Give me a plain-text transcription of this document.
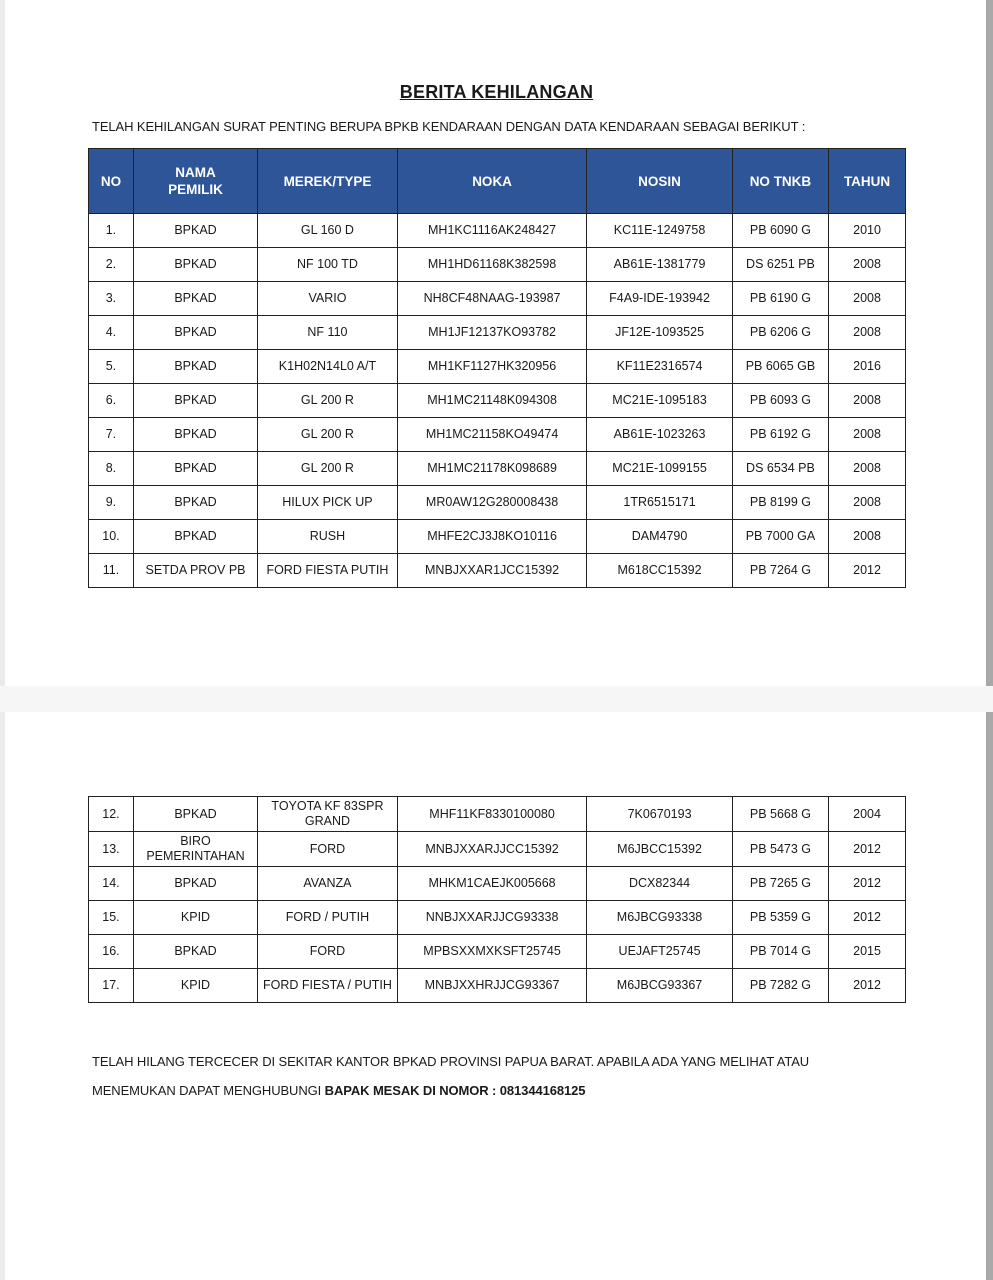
BERITA KEHILANGAN

TELAH KEHILANGAN SURAT PENTING BERUPA BPKB KENDARAAN DENGAN DATA KENDARAAN SEBAGAI BERIKUT :

NO	NAMA PEMILIK	MEREK/TYPE	NOKA	NOSIN	NO TNKB	TAHUN
1.	BPKAD	GL 160 D	MH1KC1116AK248427	KC11E-1249758	PB 6090 G	2010
2.	BPKAD	NF 100 TD	MH1HD61168K382598	AB61E-1381779	DS 6251 PB	2008
3.	BPKAD	VARIO	NH8CF48NAAG-193987	F4A9-IDE-193942	PB 6190 G	2008
4.	BPKAD	NF 110	MH1JF12137KO93782	JF12E-1093525	PB 6206 G	2008
5.	BPKAD	K1H02N14L0 A/T	MH1KF1127HK320956	KF11E2316574	PB 6065 GB	2016
6.	BPKAD	GL 200 R	MH1MC21148K094308	MC21E-1095183	PB 6093 G	2008
7.	BPKAD	GL 200 R	MH1MC21158KO49474	AB61E-1023263	PB 6192 G	2008
8.	BPKAD	GL 200 R	MH1MC21178K098689	MC21E-1099155	DS 6534 PB	2008
9.	BPKAD	HILUX PICK UP	MR0AW12G280008438	1TR6515171	PB 8199 G	2008
10.	BPKAD	RUSH	MHFE2CJ3J8KO10116	DAM4790	PB 7000 GA	2008
11.	SETDA PROV PB	FORD FIESTA PUTIH	MNBJXXAR1JCC15392	M618CC15392	PB 7264 G	2012
12.	BPKAD	TOYOTA KF 83SPR GRAND	MHF11KF8330100080	7K0670193	PB 5668 G	2004
13.	BIRO PEMERINTAHAN	FORD	MNBJXXARJJCC15392	M6JBCC15392	PB 5473 G	2012
14.	BPKAD	AVANZA	MHKM1CAEJK005668	DCX82344	PB 7265 G	2012
15.	KPID	FORD / PUTIH	NNBJXXARJJCG93338	M6JBCG93338	PB 5359 G	2012
16.	BPKAD	FORD	MPBSXXMXKSFT25745	UEJAFT25745	PB 7014 G	2015
17.	KPID	FORD FIESTA / PUTIH	MNBJXXHRJJCG93367	M6JBCG93367	PB 7282 G	2012
TELAH HILANG TERCECER DI SEKITAR KANTOR BPKAD PROVINSI PAPUA BARAT. APABILA ADA YANG MELIHAT ATAU
MENEMUKAN DAPAT MENGHUBUNGI BAPAK MESAK DI NOMOR : 081344168125
